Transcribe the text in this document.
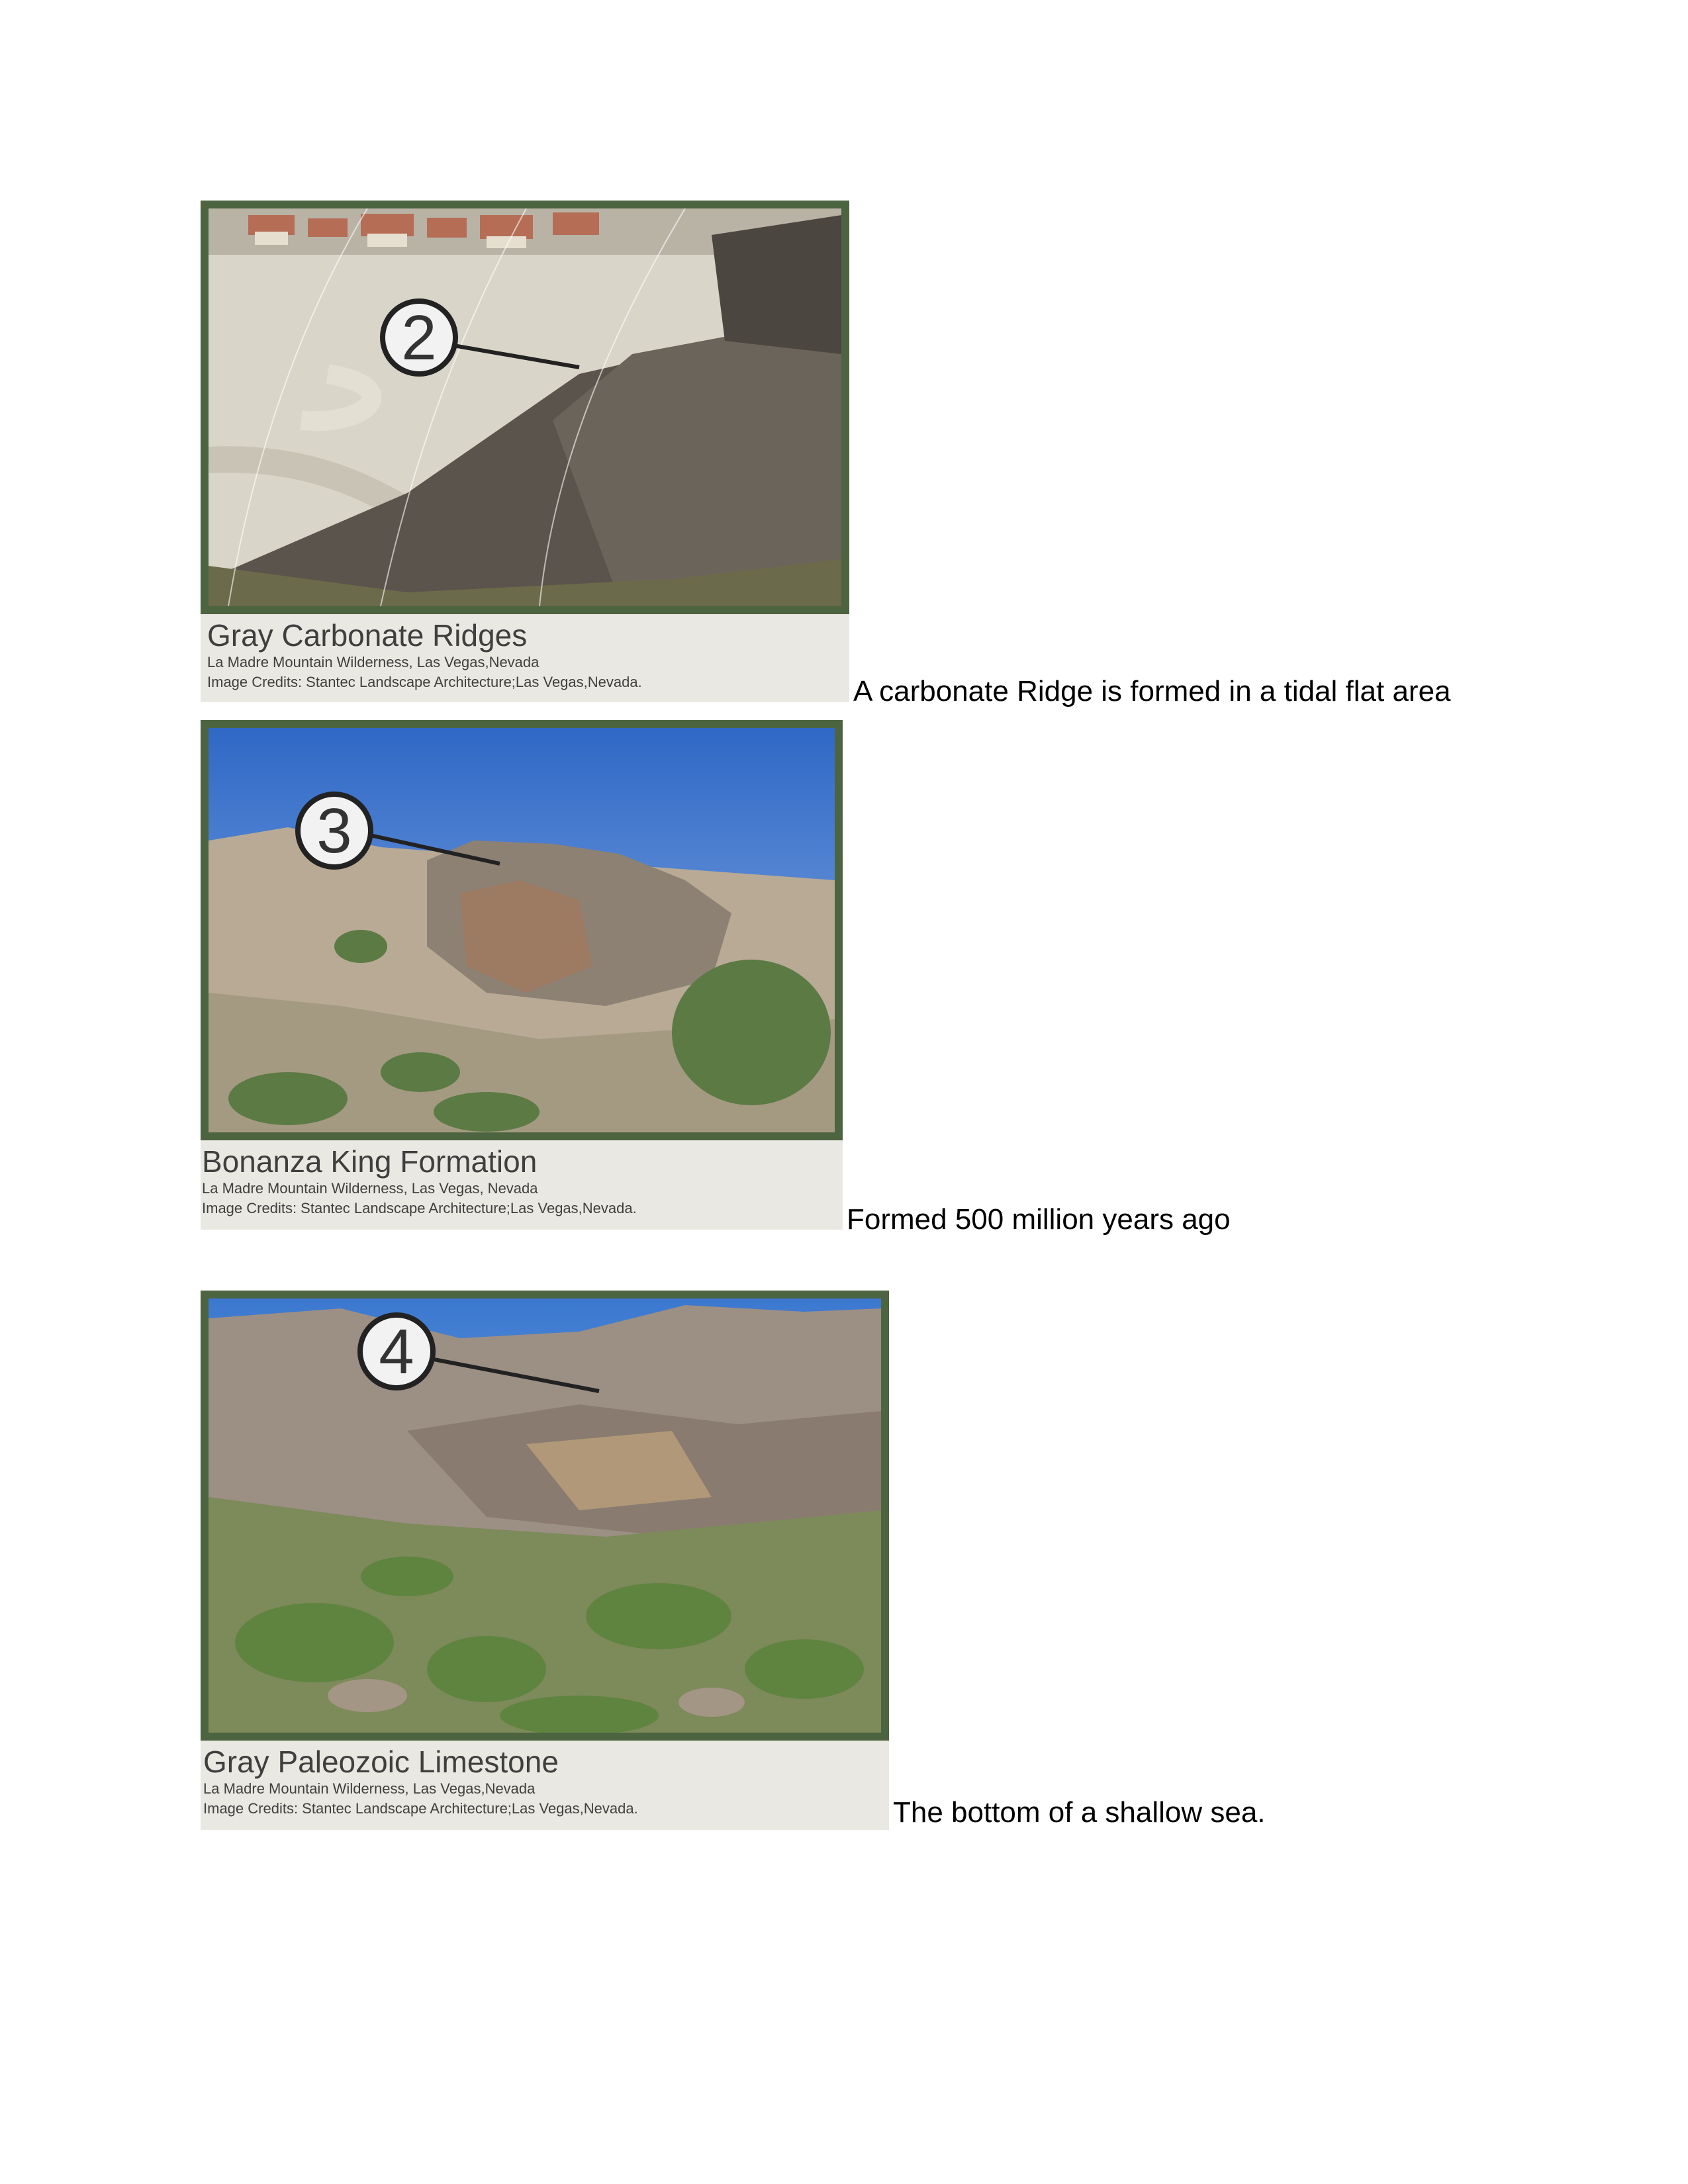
2
Gray Carbonate Ridges
La Madre Mountain Wilderness, Las Vegas,Nevada
Image Credits: Stantec Landscape Architecture;Las Vegas,Nevada.	A carbonate Ridge is formed in a tidal flat area
3
Bonanza King Formation
La Madre Mountain Wilderness, Las Vegas, Nevada
Image Credits: Stantec Landscape Architecture;Las Vegas,Nevada.	Formed 500 million years ago
4
Gray Paleozoic Limestone
La Madre Mountain Wilderness, Las Vegas,Nevada
Image Credits: Stantec Landscape Architecture;Las Vegas,Nevada.	The bottom of a shallow sea.
